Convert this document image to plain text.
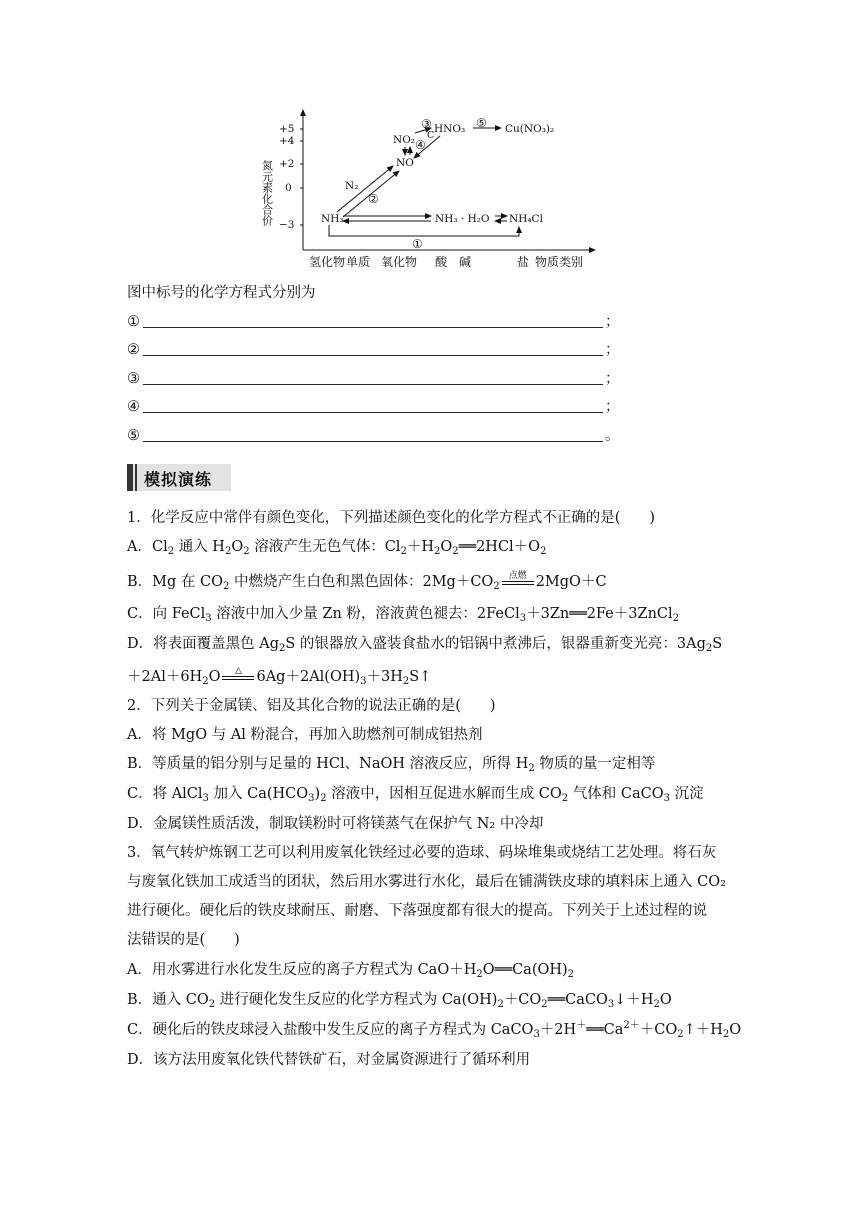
氮元素化合价
+5
+4
+2
0
−3
氢化物 单质 氧化物 酸 碱	盐 物质类别
NH₃
N₂
NO
NO₂
HNO₃	Cu(NO₃)₂
NH₃ · H₂O NH₄Cl
C
①
②
③
④
⑤
图中标号的化学方程式分别为
①	；
②	；
③	；
④	；
⑤	。
模拟演练
1．化学反应中常伴有颜色变化，下列描述颜色变化的化学方程式不正确的是(　　)
A．$Cl_2$ 通入 $H_2O_2$ 溶液产生无色气体：$Cl_2+H_2O_2══2HCl+O_2$
B．Mg 在 $CO_2$ 中燃烧产生白色和黑色固体：$2Mg+CO_2$
点燃 2MgO＋C
C．向 FeCl$_3$ 溶液中加入少量 Zn 粉，溶液黄色褪去：2FeCl$_3$＋3Zn══2Fe＋3ZnCl$_2$
D．将表面覆盖黑色 $Ag_2S$ 的银器放入盛装食盐水的铝锅中煮沸后，银器重新变光亮：$3Ag_2S$
$+2Al+6H_2O$	△	$6Ag+2Al(OH)_3+3H_2S↑$
2．下列关于金属镁、铝及其化合物的说法正确的是(　　)
A．将 MgO 与 Al 粉混合，再加入助燃剂可制成铝热剂
B．等质量的铝分别与足量的 HCl、NaOH 溶液反应，所得 $H_2$ 物质的量一定相等
C．将 AlCl$_3$ 加入 $Ca(HCO_3)_2$ 溶液中，因相互促进水解而生成 $CO_2$ 气体和 CaCO$_3$ 沉淀
D．金属镁性质活泼，制取镁粉时可将镁蒸气在保护气 N₂ 中冷却
3．氧气转炉炼钢工艺可以利用废氧化铁经过必要的造球、码垛堆集或烧结工艺处理。将石灰
与废氧化铁加工成适当的团状，然后用水雾进行水化，最后在铺满铁皮球的填料床上通入 CO₂
进行硬化。硬化后的铁皮球耐压、耐磨、下落强度都有很大的提高。下列关于上述过程的说
法错误的是(　　)
A．用水雾进行水化发生反应的离子方程式为 $CaO+H_2O══Ca(OH)_2$
B．通入 $CO_2$ 进行硬化发生反应的化学方程式为 $Ca(OH)_2+CO_2══CaCO_3↓+H_2O$
C．硬化后的铁皮球浸入盐酸中发生反应的离子方程式为 $CaCO_3+2H^+══Ca^{2+}+CO_2↑+H_2O$
D．该方法用废氧化铁代替铁矿石，对金属资源进行了循环利用
